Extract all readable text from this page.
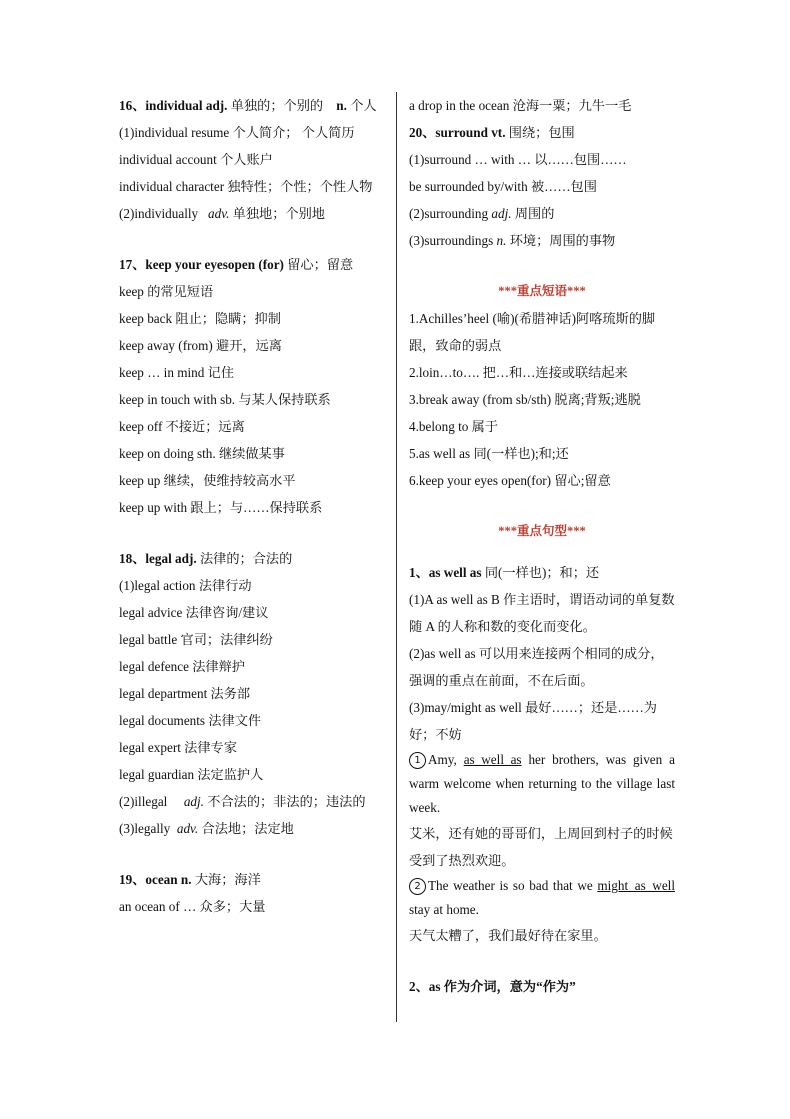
16、individual adj. 单独的；个别的 n. 个人
(1)individual resume 个人简介； 个人简历
individual account 个人账户
individual character 独特性；个性；个性人物
(2)individually adv. 单独地；个别地
17、keep your eyesopen (for) 留心；留意
keep 的常见短语
keep back 阻止；隐瞒；抑制
keep away (from) 避开，远离
keep … in mind 记住
keep in touch with sb. 与某人保持联系
keep off 不接近；远离
keep on doing sth. 继续做某事
keep up 继续，使维持较高水平
keep up with 跟上；与……保持联系
18、legal adj. 法律的；合法的
(1)legal action 法律行动
legal advice 法律咨询/建议
legal battle 官司；法律纠纷
legal defence 法律辩护
legal department 法务部
legal documents 法律文件
legal expert 法律专家
legal guardian 法定监护人
(2)illegal adj. 不合法的；非法的；违法的
(3)legally adv. 合法地；法定地
19、ocean n. 大海；海洋
an ocean of … 众多；大量
a drop in the ocean 沧海一粟；九牛一毛
20、surround vt. 围绕；包围
(1)surround … with … 以……包围……
be surrounded by/with 被……包围
(2)surrounding adj. 周围的
(3)surroundings n. 环境；周围的事物
***重点短语***
1.Achilles’heel (喻)(希腊神话)阿喀琉斯的脚跟，致命的弱点
2.loin…to…. 把…和…连接或联结起来
3.break away (from sb/sth) 脱离;背叛;逃脱
4.belong to 属于
5.as well as 同(一样也);和;还
6.keep your eyes open(for) 留心;留意
***重点句型***
1、as well as 同(一样也)；和；还
(1)A as well as B 作主语时，谓语动词的单复数随 A 的人称和数的变化而变化。
(2)as well as 可以用来连接两个相同的成分，强调的重点在前面，不在后面。
(3)may/might as well 最好……；还是……为好；不妨
1 Amy, as_well_as her brothers, was given a warm welcome when returning to the village last week.
艾米，还有她的哥哥们，上周回到村子的时候受到了热烈欢迎。
2 The weather is so bad that we might_as_well stay at home.
天气太糟了，我们最好待在家里。
2、as 作为介词，意为“作为”
